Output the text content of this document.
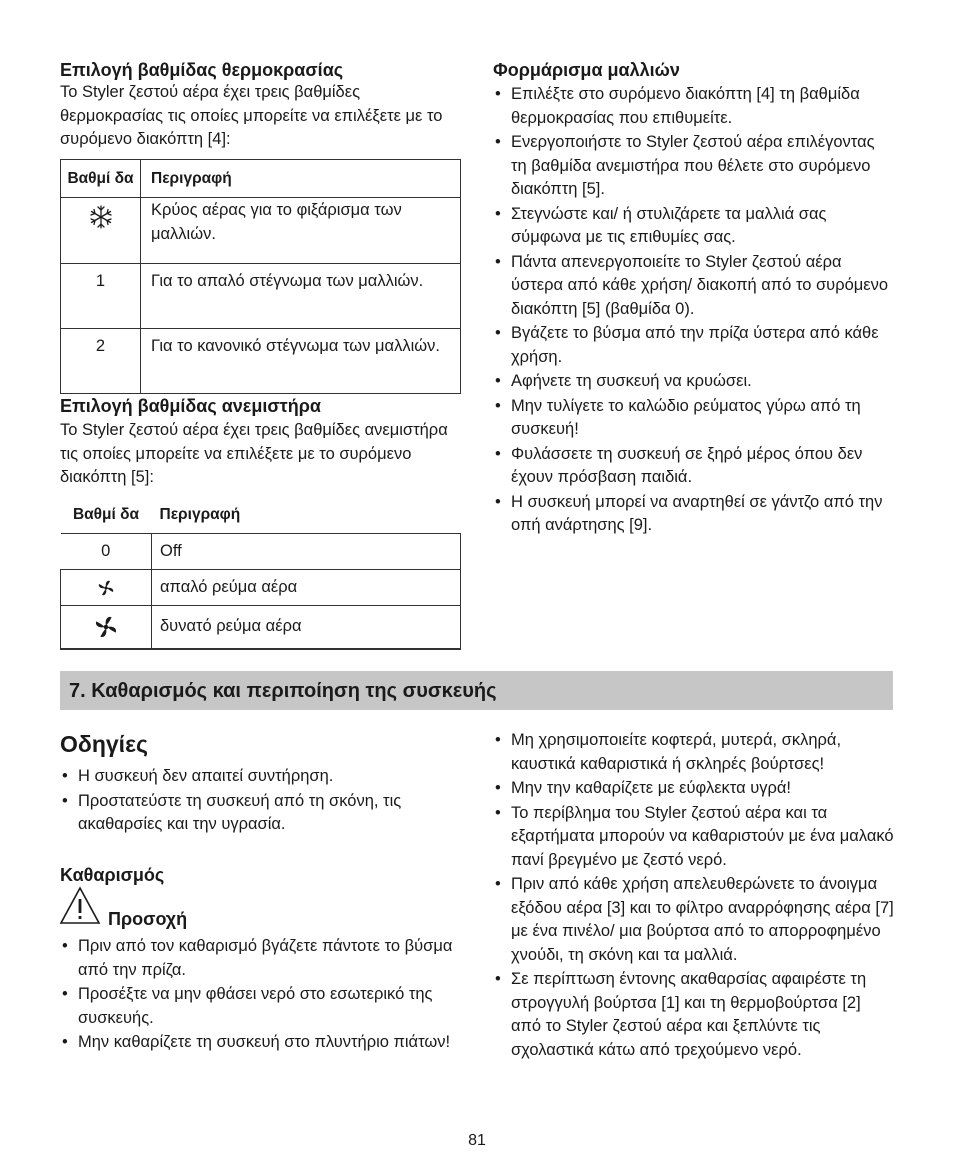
Επιλογή βαθμίδας θερμοκρασίας

Το Styler ζεστού αέρα έχει τρεις βαθμίδες θερμοκρασίας τις οποίες μπορείτε να επιλέξετε με το συρόμενο διακόπτη [4]:

Βαθμί δα	Περιγραφή

	Κρύος αέρας για το φιξάρισμα των μαλλιών.
1	Για το απαλό στέγνωμα των μαλλιών.
2	Για το κανονικό στέγνωμα των μαλλιών.
Επιλογή βαθμίδας ανεμιστήρα

Το Styler ζεστού αέρα έχει τρεις βαθμίδες ανεμιστήρα τις οποίες μπορείτε να επιλέξετε με το συρόμενο διακόπτη [5]:

Βαθμί δα	Περιγραφή
0	Off

	απαλό ρεύμα αέρα

	δυνατό ρεύμα αέρα
Φορμάρισμα μαλλιών
• Επιλέξτε στο συρόμενο διακόπτη [4] τη βαθμίδα θερμοκρασίας που επιθυμείτε.
• Ενεργοποιήστε το Styler ζεστού αέρα επιλέγοντας τη βαθμίδα ανεμιστήρα που θέλετε στο συρόμενο διακόπτη [5].
• Στεγνώστε και/ ή στυλιζάρετε τα μαλλιά σας σύμφωνα με τις επιθυμίες σας.
• Πάντα απενεργοποιείτε το Styler ζεστού αέρα ύστερα από κάθε χρήση/ διακοπή από το συρόμενο διακόπτη [5] (βαθμίδα 0).
• Βγάζετε το βύσμα από την πρίζα ύστερα από κάθε χρήση.
• Αφήνετε τη συσκευή να κρυώσει.
• Μην τυλίγετε το καλώδιο ρεύματος γύρω από τη συσκευή!
• Φυλάσσετε τη συσκευή σε ξηρό μέρος όπου δεν έχουν πρόσβαση παιδιά.
• Η συσκευή μπορεί να αναρτηθεί σε γάντζο από την οπή ανάρτησης [9].
7. Καθαρισμός και περιποίηση της συσκευής
Οδηγίες
• Η συσκευή δεν απαιτεί συντήρηση.
• Προστατεύστε τη συσκευή από τη σκόνη, τις ακαθαρσίες και την υγρασία.
Καθαρισμός
Προσοχή
• Πριν από τον καθαρισμό βγάζετε πάντοτε το βύσμα από την πρίζα.
• Προσέξτε να μην φθάσει νερό στο εσωτερικό της συσκευής.
• Μην καθαρίζετε τη συσκευή στο πλυντήριο πιάτων!
• Μη χρησιμοποιείτε κοφτερά, μυτερά, σκληρά, καυστικά καθαριστικά ή σκληρές βούρτσες!
• Μην την καθαρίζετε με εύφλεκτα υγρά!
• Το περίβλημα του Styler ζεστού αέρα και τα εξαρτήματα μπορούν να καθαριστούν με ένα μαλακό πανί βρεγμένο με ζεστό νερό.
• Πριν από κάθε χρήση απελευθερώνετε το άνοιγμα εξόδου αέρα [3] και το φίλτρο αναρρόφησης αέρα [7] με ένα πινέλο/ μια βούρτσα από το απορροφημένο χνούδι, τη σκόνη και τα μαλλιά.
• Σε περίπτωση έντονης ακαθαρσίας αφαιρέστε τη στρογγυλή βούρτσα [1] και τη θερμοβούρτσα [2] από το Styler ζεστού αέρα και ξεπλύντε τις σχολαστικά κάτω από τρεχούμενο νερό.
81
